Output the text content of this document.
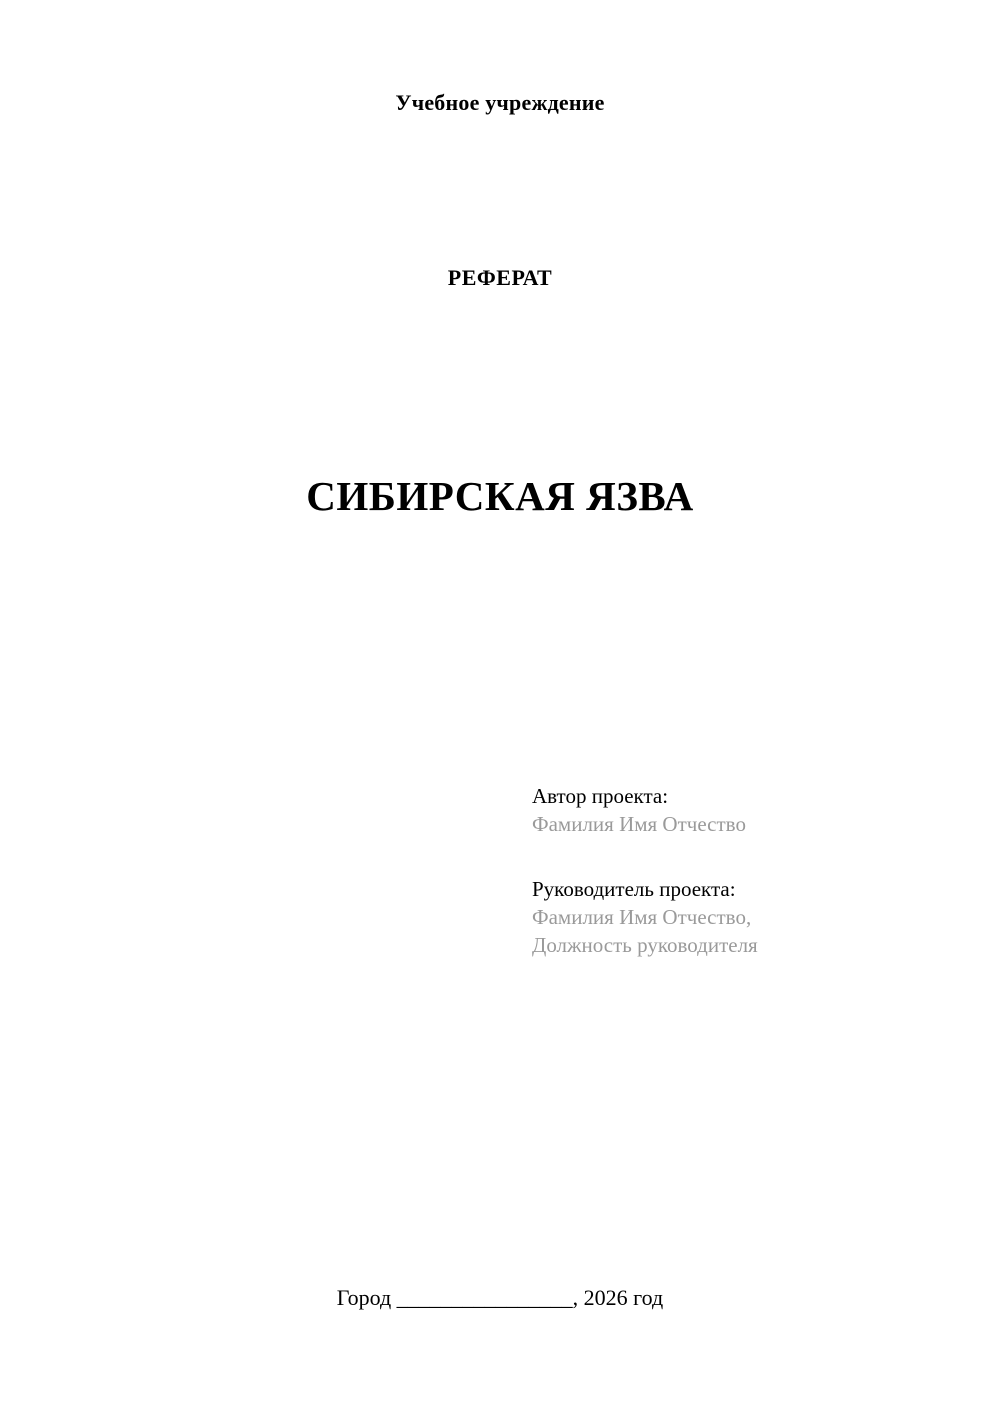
Учебное учреждение
РЕФЕРАТ
СИБИРСКАЯ ЯЗВА

Автор проекта:

Фамилия Имя Отчество

Руководитель проекта:

Фамилия Имя Отчество,

Должность руководителя

Город ________________, 2026 год
